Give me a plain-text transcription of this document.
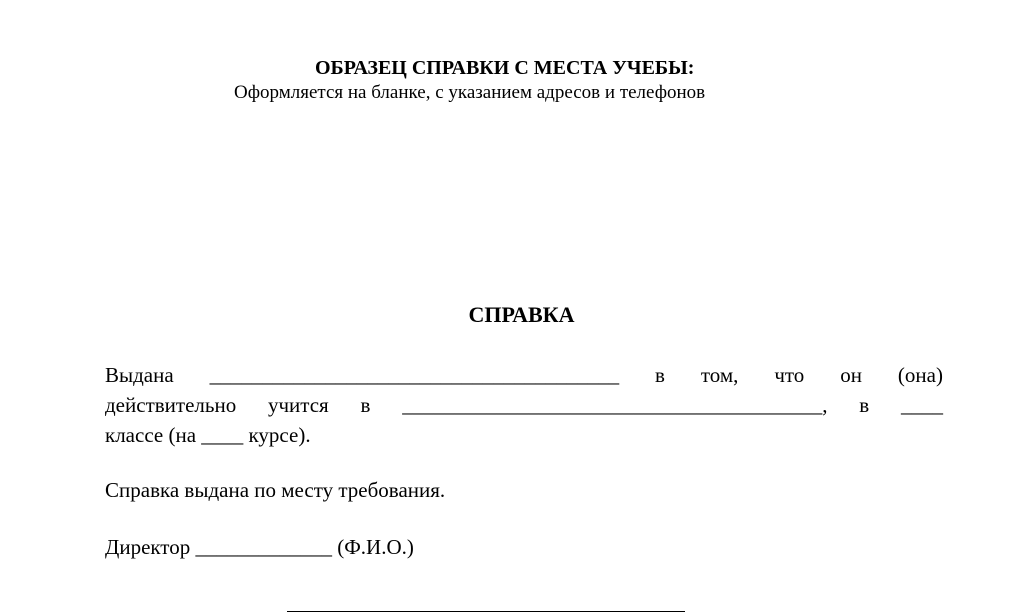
ОБРАЗЕЦ СПРАВКИ С МЕСТА УЧЕБЫ:
Оформляется на бланке, с указанием адресов и телефонов
СПРАВКА
Выдана _______________________________________ в том, что он (она)
действительно учится в ________________________________________, в ____
классе (на ____ курсе).
Справка выдана по месту требования.
Директор _____________ (Ф.И.О.)
